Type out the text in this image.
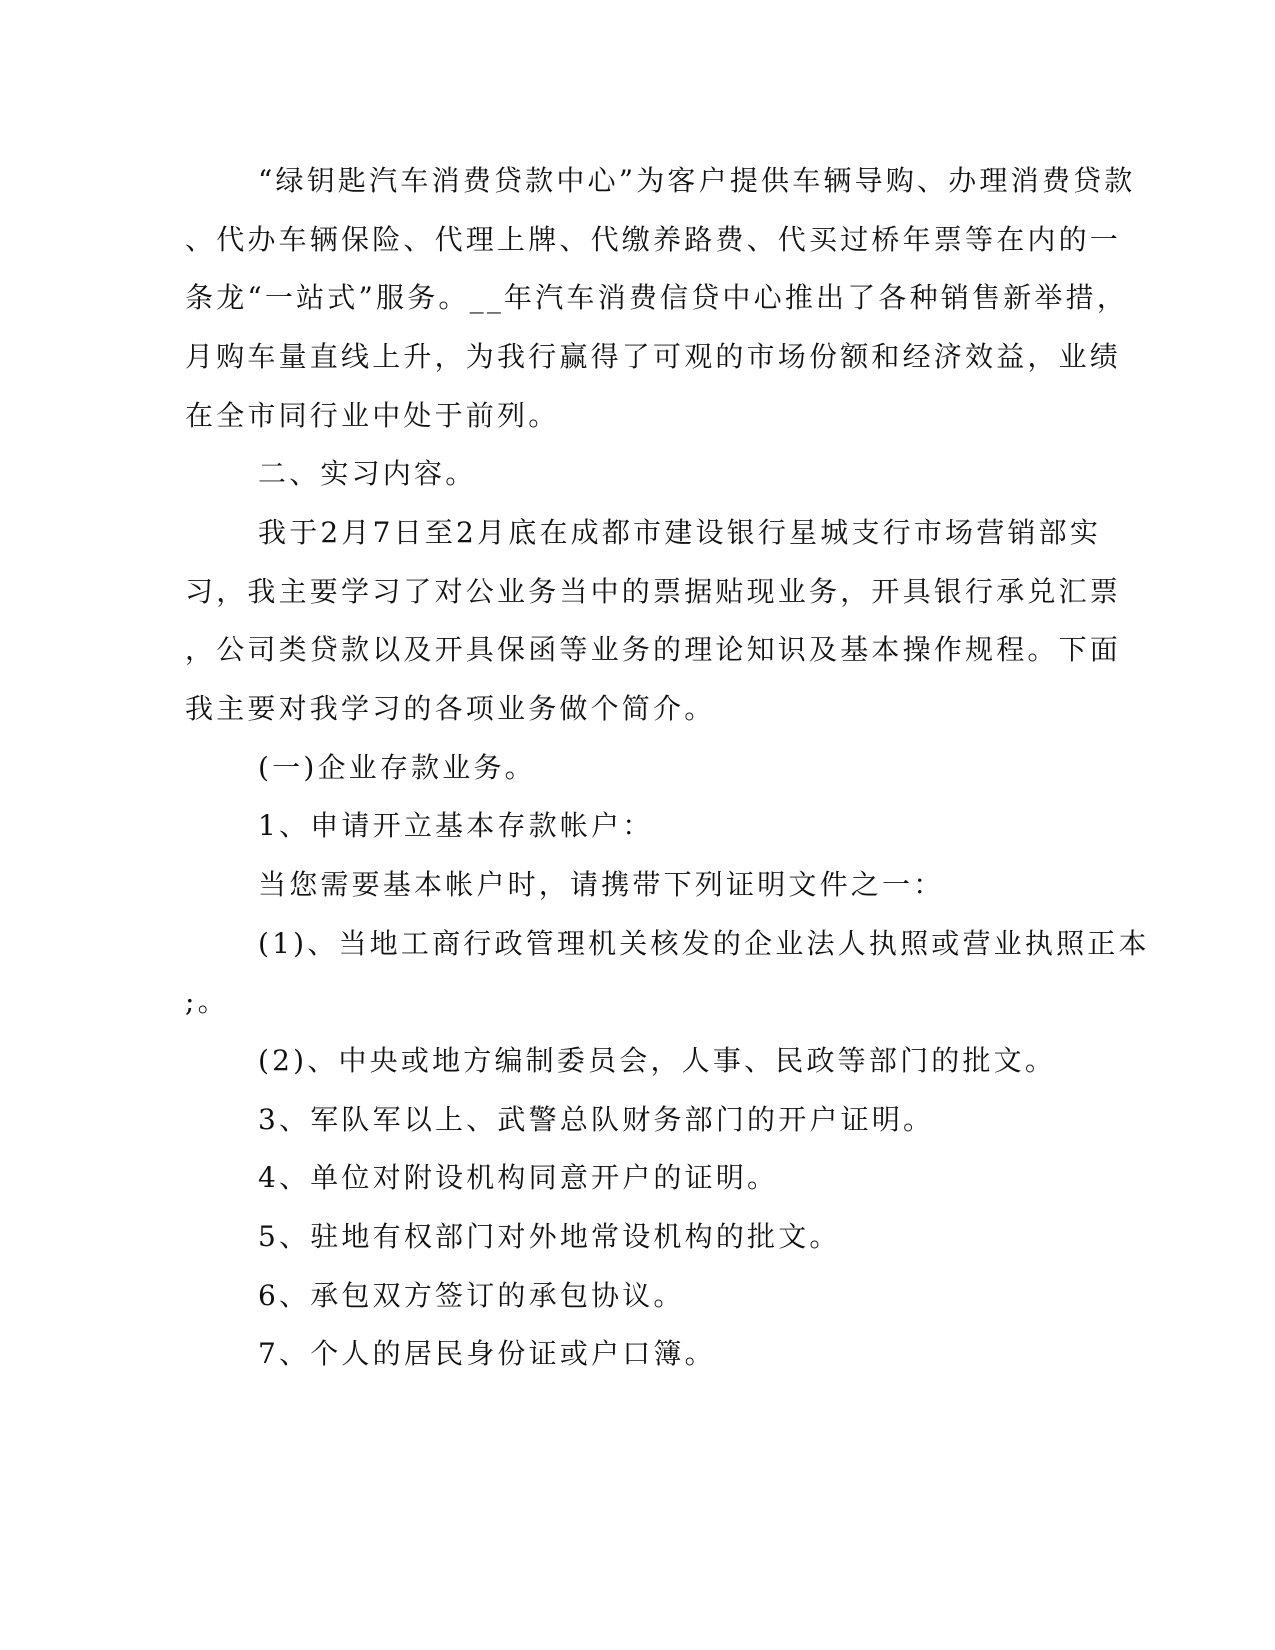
“绿钥匙汽车消费贷款中心”为客户提供车辆导购、办理消费贷款
、代办车辆保险、代理上牌、代缴养路费、代买过桥年票等在内的一
条龙“一站式”服务。__年汽车消费信贷中心推出了各种销售新举措，
月购车量直线上升，为我行赢得了可观的市场份额和经济效益，业绩
在全市同行业中处于前列。
二、实习内容。
我于2月7日至2月底在成都市建设银行星城支行市场营销部实
习，我主要学习了对公业务当中的票据贴现业务，开具银行承兑汇票
，公司类贷款以及开具保函等业务的理论知识及基本操作规程。下面
我主要对我学习的各项业务做个简介。
(一)企业存款业务。
1、申请开立基本存款帐户：
当您需要基本帐户时，请携带下列证明文件之一：
(1)、当地工商行政管理机关核发的企业法人执照或营业执照正本
;。
(2)、中央或地方编制委员会，人事、民政等部门的批文。
3、军队军以上、武警总队财务部门的开户证明。
4、单位对附设机构同意开户的证明。
5、驻地有权部门对外地常设机构的批文。
6、承包双方签订的承包协议。
7、个人的居民身份证或户口簿。
